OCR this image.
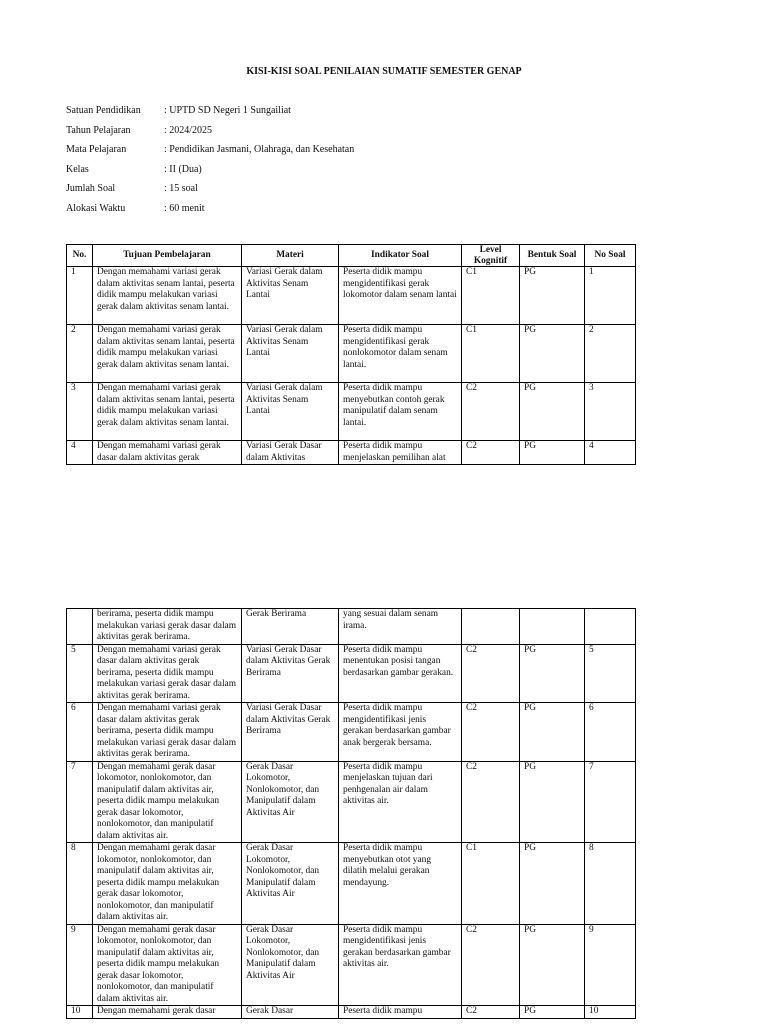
KISI-KISI SOAL PENILAIAN SUMATIF SEMESTER GENAP
Satuan Pendidikan	: UPTD SD Negeri 1 Sungailiat
Tahun Pelajaran	: 2024/2025
Mata Pelajaran	: Pendidikan Jasmani, Olahraga, dan Kesehatan
Kelas	: II (Dua)
Jumlah Soal	: 15 soal
Alokasi Waktu	: 60 menit
No.	Tujuan Pembelajaran	Materi	Indikator Soal	Level Kognitif	Bentuk Soal	No Soal
1	Dengan memahami variasi gerak dalam aktivitas senam lantai, peserta didik mampu melakukan variasi gerak dalam aktivitas senam lantai.	Variasi Gerak dalam Aktivitas Senam Lantai	Peserta didik mampu mengidentifikasi gerak lokomotor dalam senam lantai	C1	PG	1
2	Dengan memahami variasi gerak dalam aktivitas senam lantai, peserta didik mampu melakukan variasi gerak dalam aktivitas senam lantai.	Variasi Gerak dalam Aktivitas Senam Lantai	Peserta didik mampu mengidentifikasi gerak nonlokomotor dalam senam lantai.	C1	PG	2
3	Dengan memahami variasi gerak dalam aktivitas senam lantai, peserta didik mampu melakukan variasi gerak dalam aktivitas senam lantai.	Variasi Gerak dalam Aktivitas Senam Lantai	Peserta didik mampu menyebutkan contoh gerak manipulatif dalam senam lantai.	C2	PG	3
4	Dengan memahami variasi gerak dasar dalam aktivitas gerak	Variasi Gerak Dasar dalam Aktivitas	Peserta didik mampu menjelaskan pemilihan alat	C2	PG	4
	berirama, peserta didik mampu melakukan variasi gerak dasar dalam aktivitas gerak berirama.	Gerak Berirama	yang sesuai dalam senam irama.			
5	Dengan memahami variasi gerak dasar dalam aktivitas gerak berirama, peserta didik mampu melakukan variasi gerak dasar dalam aktivitas gerak berirama.	Variasi Gerak Dasar dalam Aktivitas Gerak Berirama	Peserta didik mampu menentukan posisi tangan berdasarkan gambar gerakan.	C2	PG	5
6	Dengan memahami variasi gerak dasar dalam aktivitas gerak berirama, peserta didik mampu melakukan variasi gerak dasar dalam aktivitas gerak berirama.	Variasi Gerak Dasar dalam Aktivitas Gerak Berirama	Peserta didik mampu mengidentifikasi jenis gerakan berdasarkan gambar anak bergerak bersama.	C2	PG	6
7	Dengan memahami gerak dasar lokomotor, nonlokomotor, dan manipulatif dalam aktivitas air, peserta didik mampu melakukan gerak dasar lokomotor, nonlokomotor, dan manipulatif dalam aktivitas air.	Gerak Dasar Lokomotor, Nonlokomotor, dan Manipulatif dalam Aktivitas Air	Peserta didik mampu menjelaskan tujuan dari penhgenalan air dalam aktivitas air.	C2	PG	7
8	Dengan memahami gerak dasar lokomotor, nonlokomotor, dan manipulatif dalam aktivitas air, peserta didik mampu melakukan gerak dasar lokomotor, nonlokomotor, dan manipulatif dalam aktivitas air.	Gerak Dasar Lokomotor, Nonlokomotor, dan Manipulatif dalam Aktivitas Air	Peserta didik mampu menyebutkan otot yang dilatih melalui gerakan mendayung.	C1	PG	8
9	Dengan memahami gerak dasar lokomotor, nonlokomotor, dan manipulatif dalam aktivitas air, peserta didik mampu melakukan gerak dasar lokomotor, nonlokomotor, dan manipulatif dalam aktivitas air.	Gerak Dasar Lokomotor, Nonlokomotor, dan Manipulatif dalam Aktivitas Air	Peserta didik mampu mengidentifikasi jenis gerakan berdasarkan gambar aktivitas air.	C2	PG	9
10	Dengan memahami gerak dasar	Gerak Dasar	Peserta didik mampu	C2	PG	10
